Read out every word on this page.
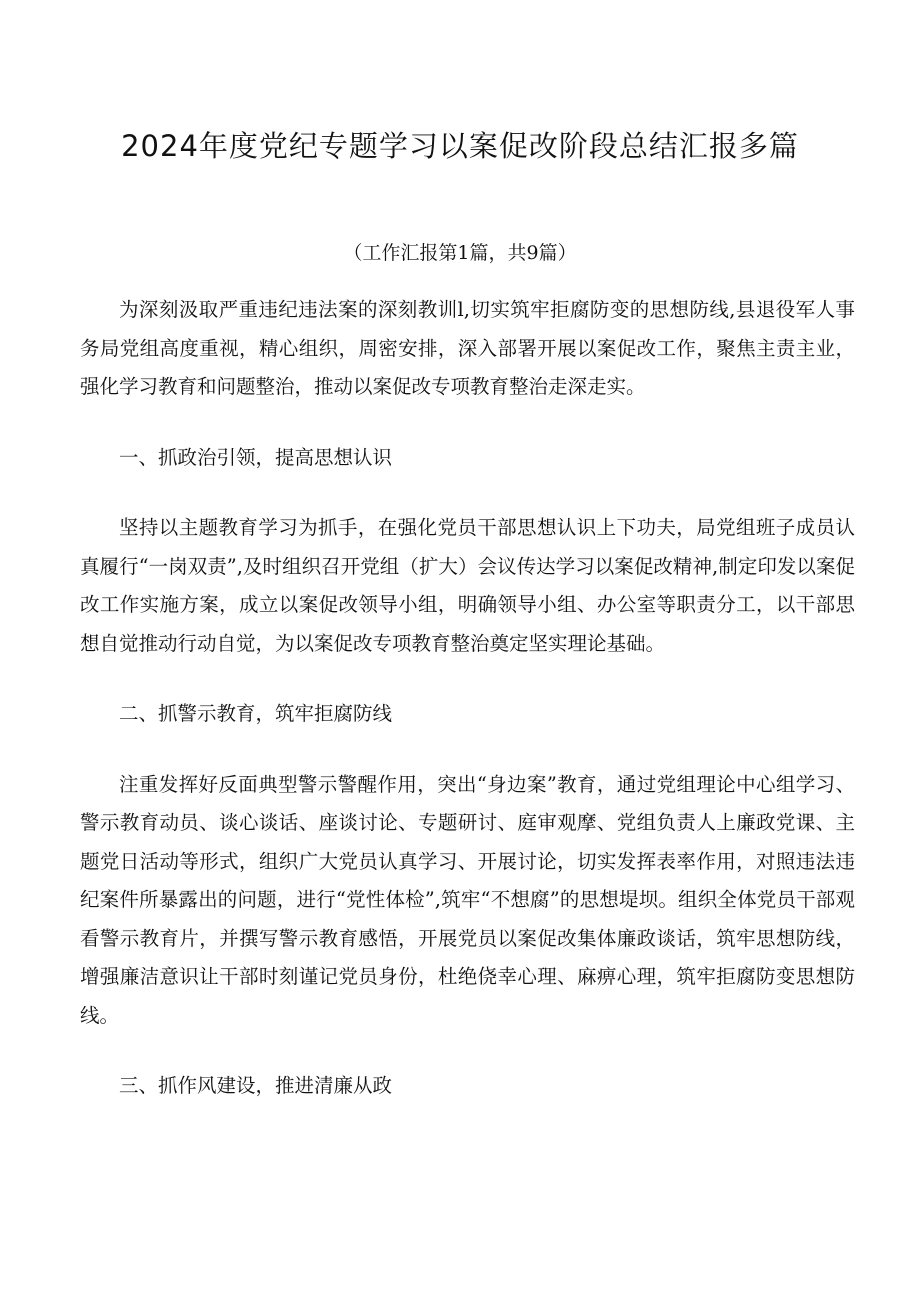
2024年度党纪专题学习以案促改阶段总结汇报多篇
（工作汇报第1篇，共9篇）

为深刻汲取严重违纪违法案的深刻教训l,切实筑牢拒腐防变的思想防线,县退役军人事务局党组高度重视，精心组织，周密安排，深入部署开展以案促改工作，聚焦主责主业，强化学习教育和问题整治，推动以案促改专项教育整治走深走实。

一、抓政治引领，提高思想认识

坚持以主题教育学习为抓手，在强化党员干部思想认识上下功夫，局党组班子成员认真履行“一岗双责”,及时组织召开党组（扩大）会议传达学习以案促改精神,制定印发以案促改工作实施方案，成立以案促改领导小组，明确领导小组、办公室等职责分工，以干部思想自觉推动行动自觉，为以案促改专项教育整治奠定坚实理论基础。

二、抓警示教育，筑牢拒腐防线

注重发挥好反面典型警示警醒作用，突出“身边案”教育，通过党组理论中心组学习、警示教育动员、谈心谈话、座谈讨论、专题研讨、庭审观摩、党组负责人上廉政党课、主题党日活动等形式，组织广大党员认真学习、开展讨论，切实发挥表率作用，对照违法违纪案件所暴露出的问题，进行“党性体检”,筑牢“不想腐”的思想堤坝。组织全体党员干部观看警示教育片，并撰写警示教育感悟，开展党员以案促改集体廉政谈话，筑牢思想防线，增强廉洁意识让干部时刻谨记党员身份，杜绝侥幸心理、麻痹心理，筑牢拒腐防变思想防线。

三、抓作风建设，推进清廉从政
